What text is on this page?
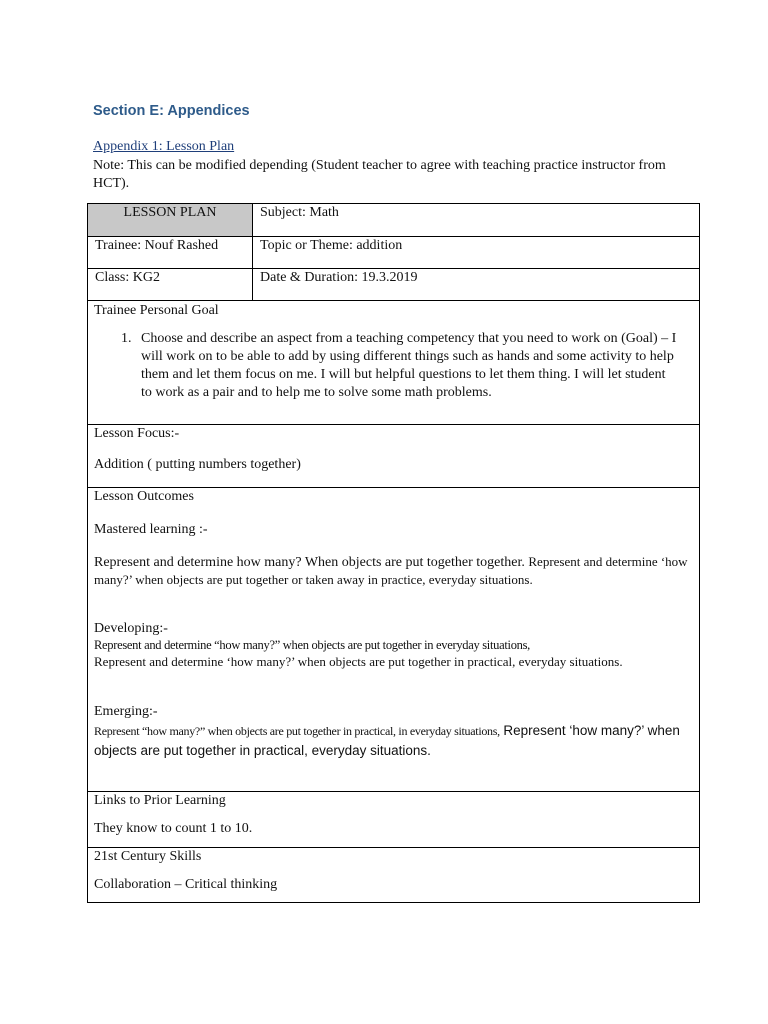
Section E: Appendices
Appendix 1: Lesson Plan
Note: This can be modified depending (Student teacher to agree with teaching practice instructor from HCT).
LESSON PLAN	Subject: Math
Trainee: Nouf Rashed	Topic or Theme: addition
Class: KG2	Date & Duration: 19.3.2019
Trainee Personal Goal
1. Choose and describe an aspect from a teaching competency that you need to work on (Goal) – I will work on to be able to add by using different things such as hands and some activity to help them and let them focus on me. I will but helpful questions to let them thing. I will let student to work as a pair and to help me to solve some math problems.
Lesson Focus:-
Addition ( putting numbers together)
Lesson Outcomes
Mastered learning :-
Represent and determine how many? When objects are put together together. Represent and determine ‘how many?’ when objects are put together or taken away in practice, everyday situations.
Developing:-
Represent and determine “how many?” when objects are put together in everyday situations,
Represent and determine ‘how many?’ when objects are put together in practical, everyday situations.
Emerging:-
Represent “how many?” when objects are put together in practical, in everyday situations, Represent ‘how many?’ when objects are put together in practical, everyday situations.
Links to Prior Learning
They know to count 1 to 10.
21st Century Skills
Collaboration – Critical thinking
